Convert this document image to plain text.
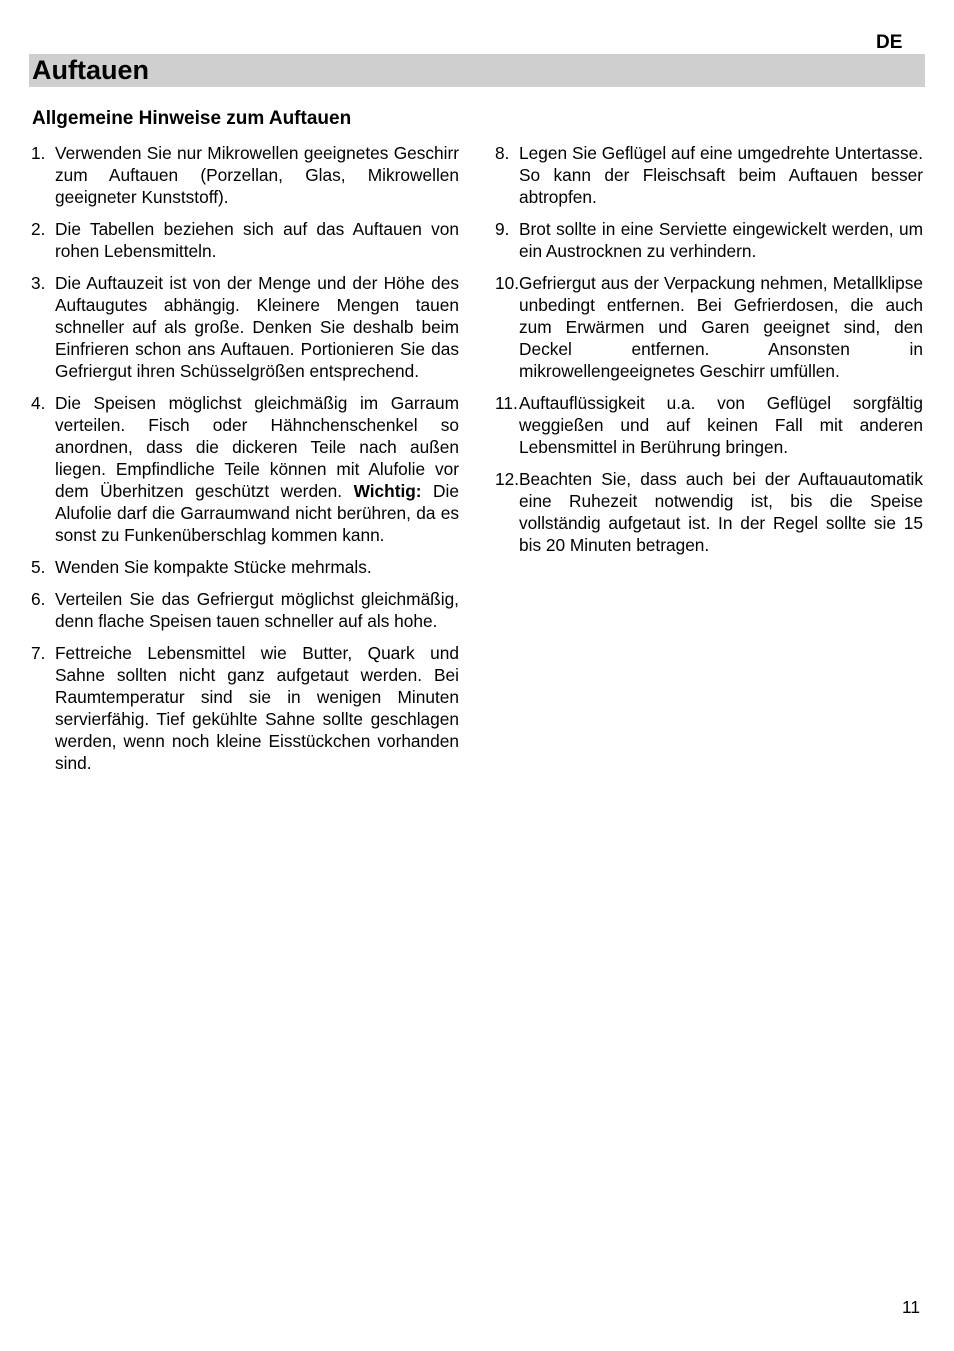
DE
Auftauen
Allgemeine Hinweise zum Auftauen
1. Verwenden Sie nur Mikrowellen geeignetes Geschirr zum Auftauen (Porzellan, Glas, Mikrowellen geeigneter Kunststoff).
2. Die Tabellen beziehen sich auf das Auftauen von rohen Lebensmitteln.
3. Die Auftauzeit ist von der Menge und der Höhe des Auftaugutes abhängig. Kleinere Mengen tauen schneller auf als große. Denken Sie deshalb beim Einfrieren schon ans Auftauen. Portionieren Sie das Gefriergut ihren Schüsselgrößen entsprechend.
4. Die Speisen möglichst gleichmäßig im Garraum verteilen. Fisch oder Hähnchenschenkel so anordnen, dass die dickeren Teile nach außen liegen. Empfindliche Teile können mit Alufolie vor dem Überhitzen geschützt werden. Wichtig: Die Alufolie darf die Garraumwand nicht berühren, da es sonst zu Funkenüberschlag kommen kann.
5. Wenden Sie kompakte Stücke mehrmals.
6. Verteilen Sie das Gefriergut möglichst gleichmäßig, denn flache Speisen tauen schneller auf als hohe.
7. Fettreiche Lebensmittel wie Butter, Quark und Sahne sollten nicht ganz aufgetaut werden. Bei Raumtemperatur sind sie in wenigen Minuten servierfähig. Tief gekühlte Sahne sollte geschlagen werden, wenn noch kleine Eisstückchen vorhanden sind.
8. Legen Sie Geflügel auf eine umgedrehte Untertasse. So kann der Fleischsaft beim Auftauen besser abtropfen.
9. Brot sollte in eine Serviette eingewickelt werden, um ein Austrocknen zu verhindern.
10. Gefriergut aus der Verpackung nehmen, Metallklipse unbedingt entfernen. Bei Gefrierdosen, die auch zum Erwärmen und Garen geeignet sind, den Deckel entfernen. Ansonsten in mikrowellengeeignetes Geschirr umfüllen.
11. Auftauflüssigkeit u.a. von Geflügel sorgfältig weggießen und auf keinen Fall mit anderen Lebensmittel in Berührung bringen.
12. Beachten Sie, dass auch bei der Auftauautomatik eine Ruhezeit notwendig ist, bis die Speise vollständig aufgetaut ist. In der Regel sollte sie 15 bis 20 Minuten betragen.
11
